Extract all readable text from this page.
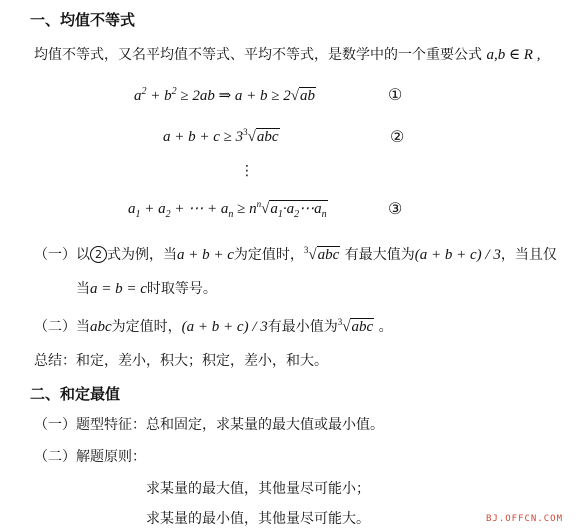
一、均值不等式
均值不等式，又名平均值不等式、平均不等式，是数学中的一个重要公式 a,b ∈ R ,
$a^2 + b^2 \ge 2ab$ ⇒ a + b ≥ 2√ab	①
$a + b + c \ge 3^3√abc$	②
⋮
$a_1 + a_2$ + ⋯ + $a_n$ ≥ $n^n√a_1\cdot a_2\cdots a_n$	③
（一）以 2 式为例，当a + b + c为定值时，$^3$√abc 有最大值为(a + b + c) / 3，当且仅
当a = b = c时取等号。
（二）当abc为定值时，(a + b + c) / 3有最小值为$^3$√abc 。
总结：和定，差小，积大；积定，差小，和大。
二、和定最值
（一）题型特征：总和固定，求某量的最大值或最小值。
（二）解题原则：
求某量的最大值，其他量尽可能小；
求某量的最小值，其他量尽可能大。	BJ.OFFCN.COM
